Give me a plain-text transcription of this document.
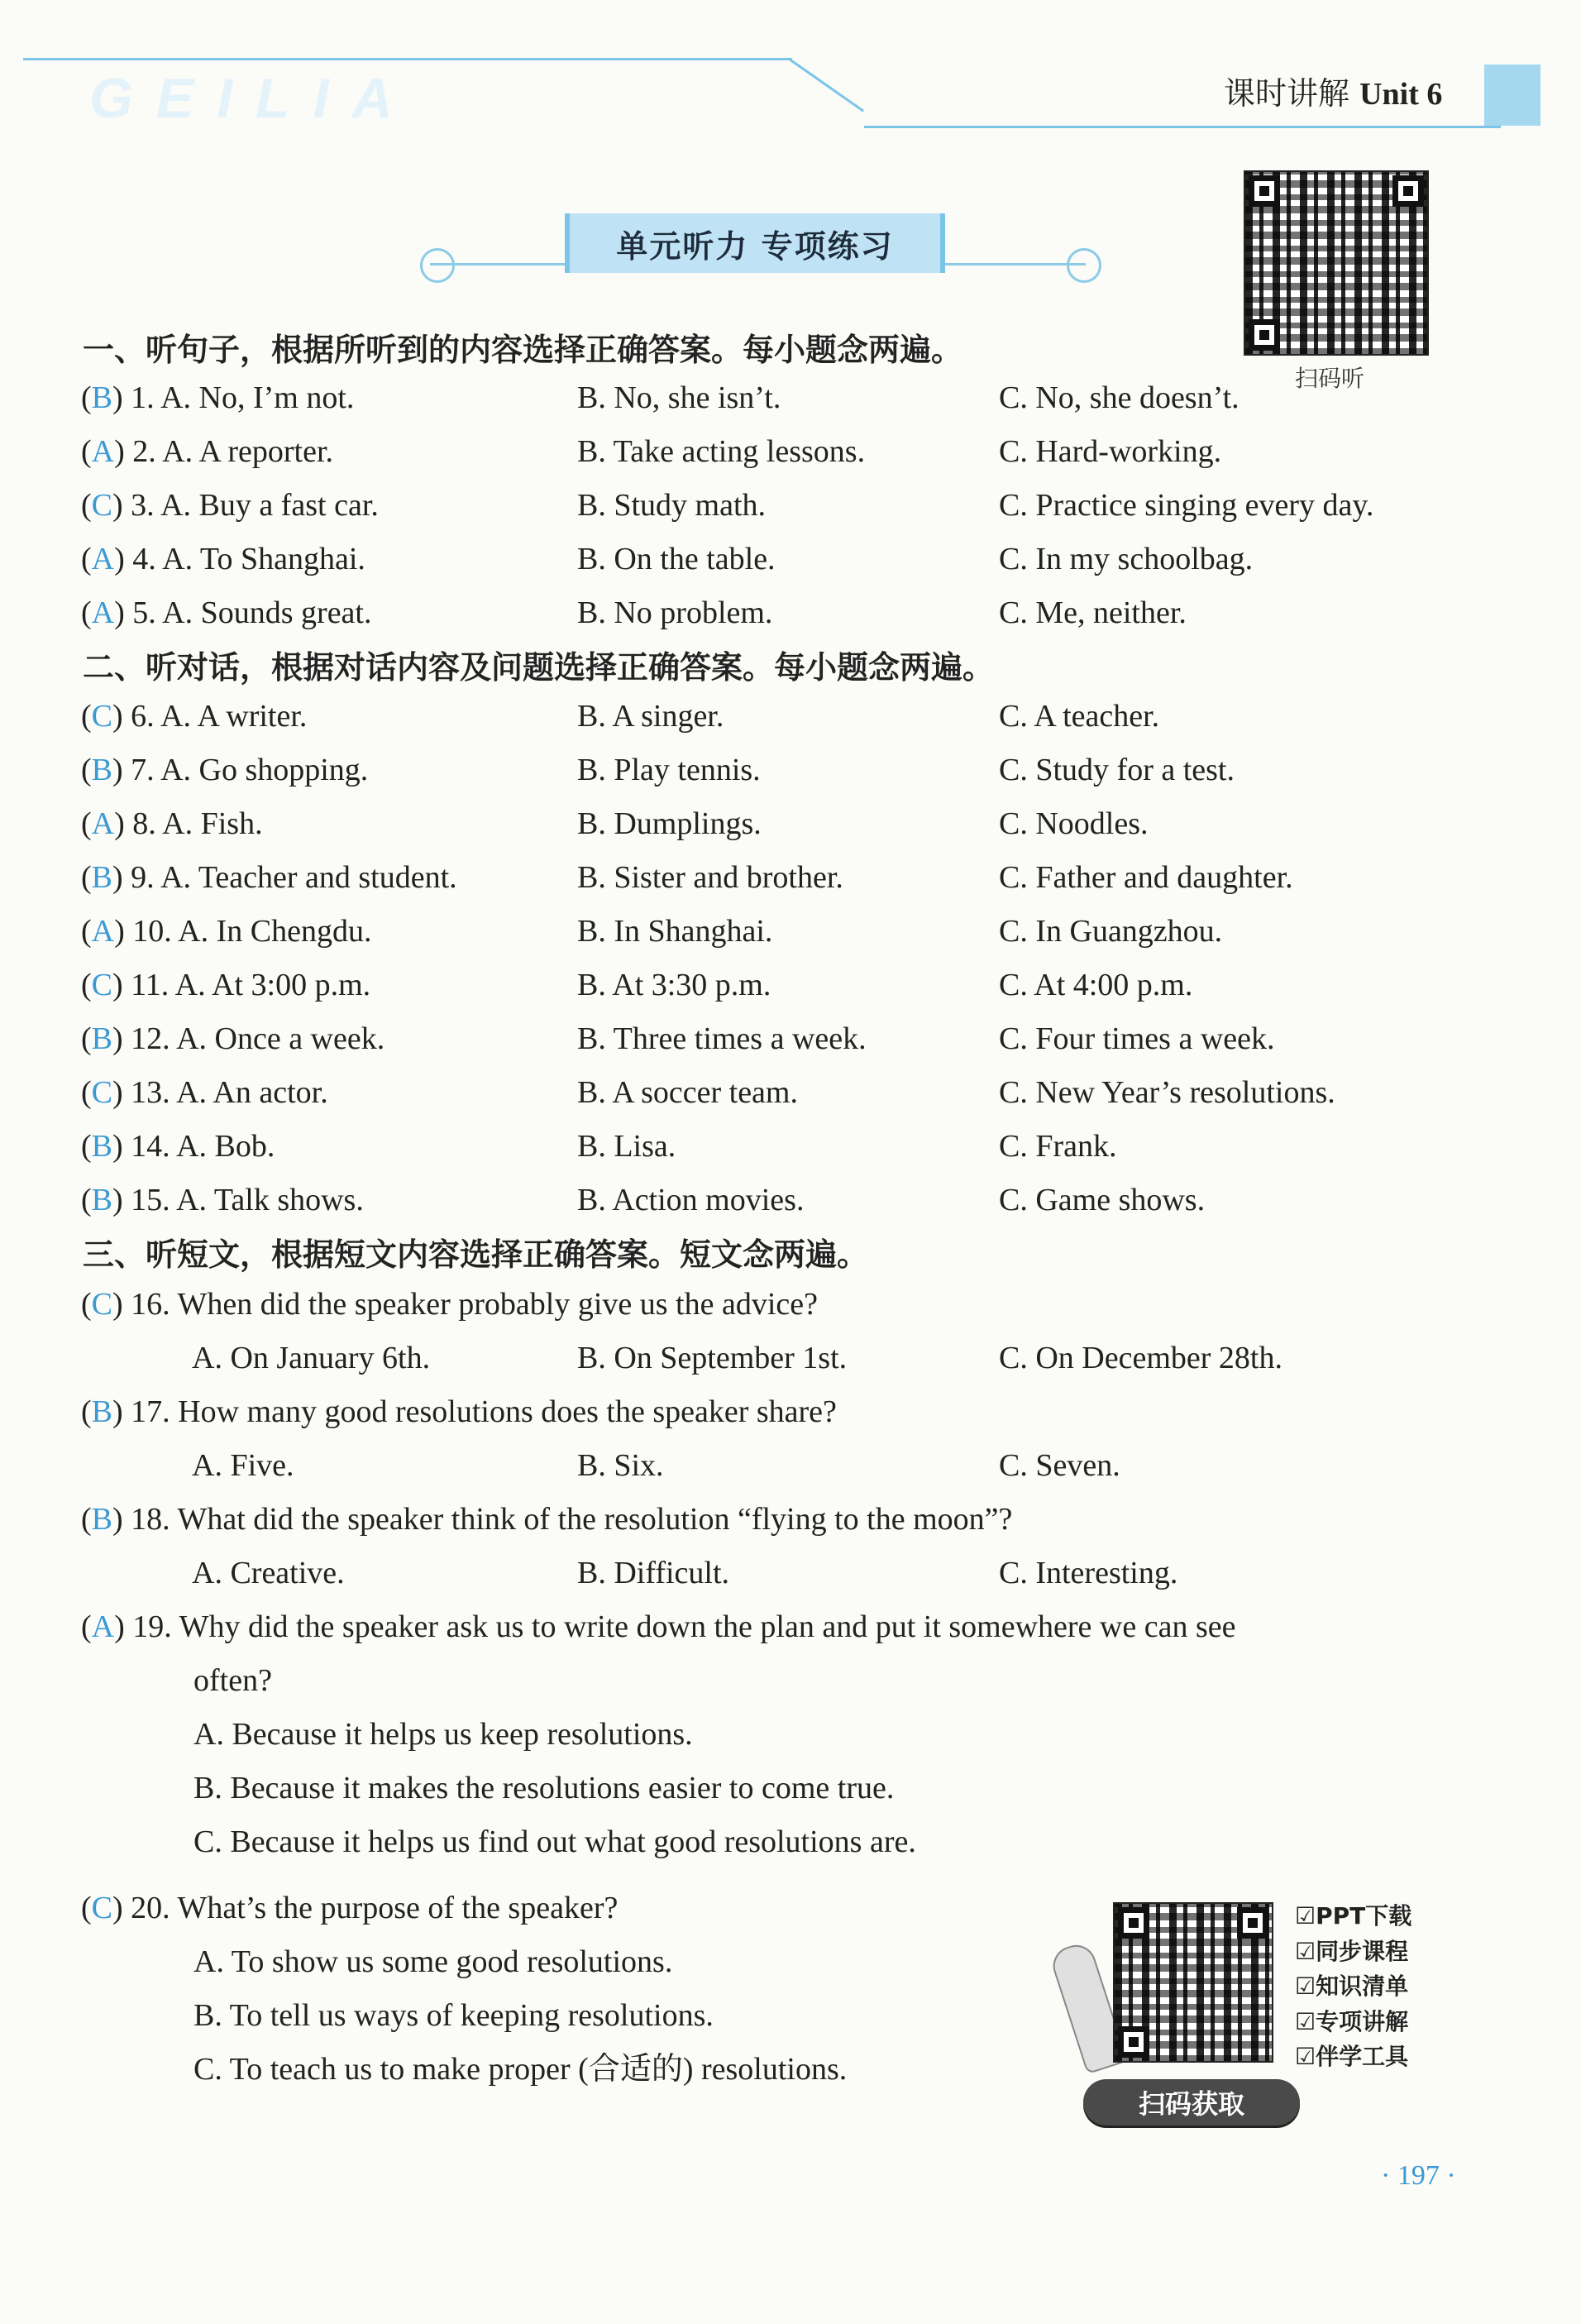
GEILIA	课时讲解 Unit 6
单元听力 专项练习
扫码听
一、听句子，根据所听到的内容选择正确答案。每小题念两遍。
二、听对话，根据对话内容及问题选择正确答案。每小题念两遍。
三、听短文，根据短文内容选择正确答案。短文念两遍。
(B) 1. A. No, I’m not.	B. No, she isn’t.	C. No, she doesn’t.
(A) 2. A. A reporter.	B. Take acting lessons.	C. Hard-working.
(C) 3. A. Buy a fast car.	B. Study math.	C. Practice singing every day.
(A) 4. A. To Shanghai.	B. On the table.	C. In my schoolbag.
(A) 5. A. Sounds great.	B. No problem.	C. Me, neither.
(C) 6. A. A writer.	B. A singer.	C. A teacher.
(B) 7. A. Go shopping.	B. Play tennis.	C. Study for a test.
(A) 8. A. Fish.	B. Dumplings.	C. Noodles.
(B) 9. A. Teacher and student.	B. Sister and brother.	C. Father and daughter.
(A) 10. A. In Chengdu.	B. In Shanghai.	C. In Guangzhou.
(C) 11. A. At 3:00 p.m.	B. At 3:30 p.m.	C. At 4:00 p.m.
(B) 12. A. Once a week.	B. Three times a week.	C. Four times a week.
(C) 13. A. An actor.	B. A soccer team.	C. New Year’s resolutions.
(B) 14. A. Bob.	B. Lisa.	C. Frank.
(B) 15. A. Talk shows.	B. Action movies.	C. Game shows.
(C) 16. When did the speaker probably give us the advice?
A. On January 6th.	B. On September 1st.	C. On December 28th.
(B) 17. How many good resolutions does the speaker share?
A. Five.	B. Six.	C. Seven.
(B) 18. What did the speaker think of the resolution “flying to the moon”?
A. Creative.	B. Difficult.	C. Interesting.
(A) 19. Why did the speaker ask us to write down the plan and put it somewhere we can see
often?
A. Because it helps us keep resolutions.
B. Because it makes the resolutions easier to come true.
C. Because it helps us find out what good resolutions are.
(C) 20. What’s the purpose of the speaker?
A. To show us some good resolutions.
B. To tell us ways of keeping resolutions.
C. To teach us to make proper (合适的) resolutions.
☑PPT下载
☑同步课程
☑知识清单
☑专项讲解
☑伴学工具
扫码获取
· 197 ·
